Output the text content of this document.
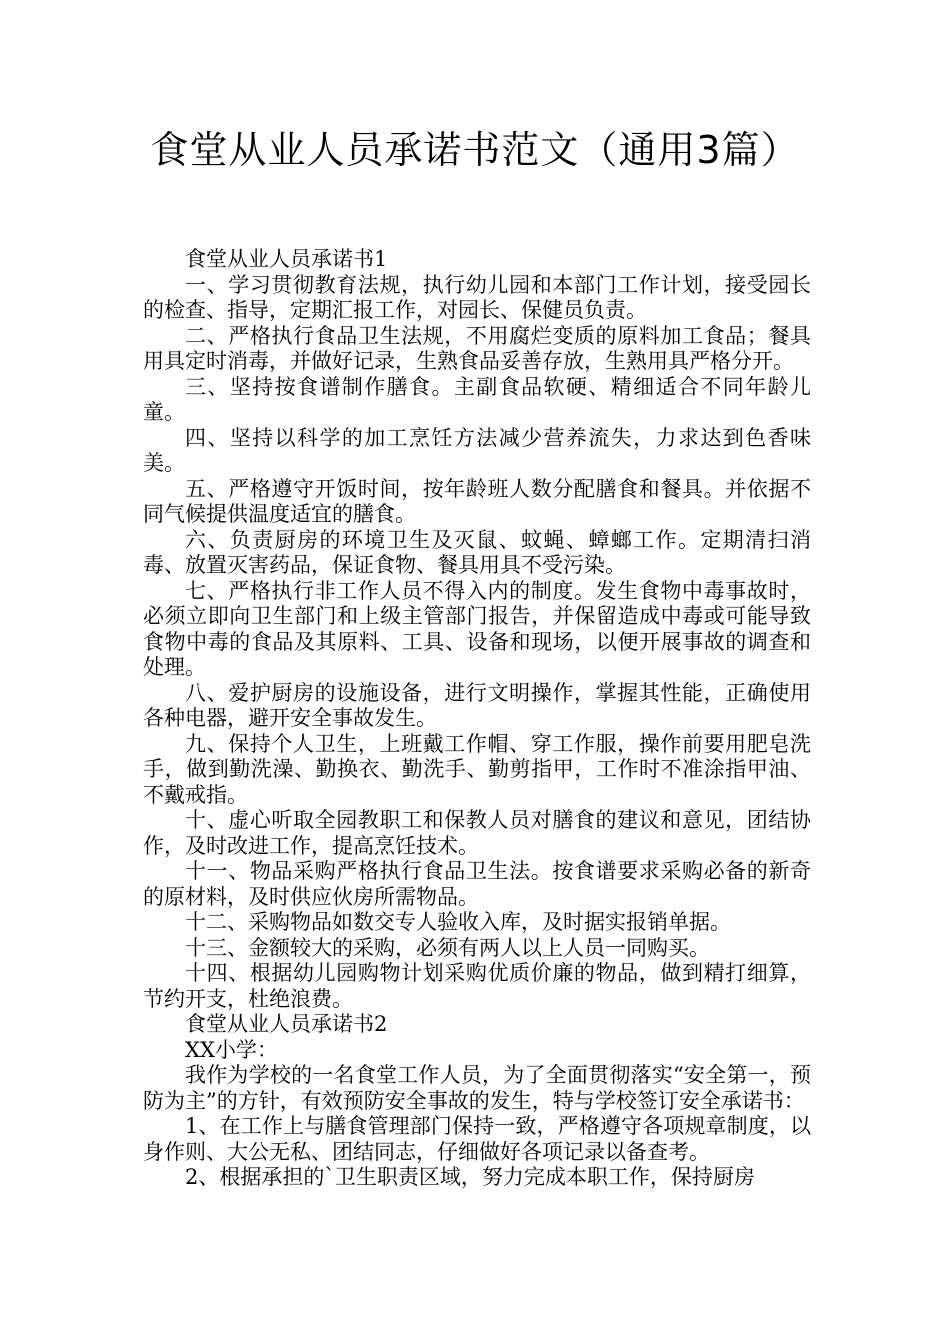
食堂从业人员承诺书范文（通用3篇）

食堂从业人员承诺书1

一、学习贯彻教育法规，执行幼儿园和本部门工作计划，接受园长的检查、指导，定期汇报工作，对园长、保健员负责。

二、严格执行食品卫生法规，不用腐烂变质的原料加工食品；餐具用具定时消毒，并做好记录，生熟食品妥善存放，生熟用具严格分开。

三、坚持按食谱制作膳食。主副食品软硬、精细适合不同年龄儿童。

四、坚持以科学的加工烹饪方法减少营养流失，力求达到色香味美。

五、严格遵守开饭时间，按年龄班人数分配膳食和餐具。并依据不同气候提供温度适宜的膳食。

六、负责厨房的环境卫生及灭鼠、蚊蝇、蟑螂工作。定期清扫消毒、放置灭害药品，保证食物、餐具用具不受污染。

七、严格执行非工作人员不得入内的制度。发生食物中毒事故时，必须立即向卫生部门和上级主管部门报告，并保留造成中毒或可能导致食物中毒的食品及其原料、工具、设备和现场，以便开展事故的调查和处理。

八、爱护厨房的设施设备，进行文明操作，掌握其性能，正确使用各种电器，避开安全事故发生。

九、保持个人卫生，上班戴工作帽、穿工作服，操作前要用肥皂洗手，做到勤洗澡、勤换衣、勤洗手、勤剪指甲，工作时不准涂指甲油、不戴戒指。

十、虚心听取全园教职工和保教人员对膳食的建议和意见，团结协作，及时改进工作，提高烹饪技术。

十一、物品采购严格执行食品卫生法。按食谱要求采购必备的新奇的原材料，及时供应伙房所需物品。

十二、采购物品如数交专人验收入库，及时据实报销单据。

十三、金额较大的采购，必须有两人以上人员一同购买。

十四、根据幼儿园购物计划采购优质价廉的物品，做到精打细算，节约开支，杜绝浪费。

食堂从业人员承诺书2

XX小学：

我作为学校的一名食堂工作人员，为了全面贯彻落实“安全第一，预防为主”的方针，有效预防安全事故的发生，特与学校签订安全承诺书：

1、在工作上与膳食管理部门保持一致，严格遵守各项规章制度，以身作则、大公无私、团结同志，仔细做好各项记录以备查考。

2、根据承担的`卫生职责区域，努力完成本职工作，保持厨房
